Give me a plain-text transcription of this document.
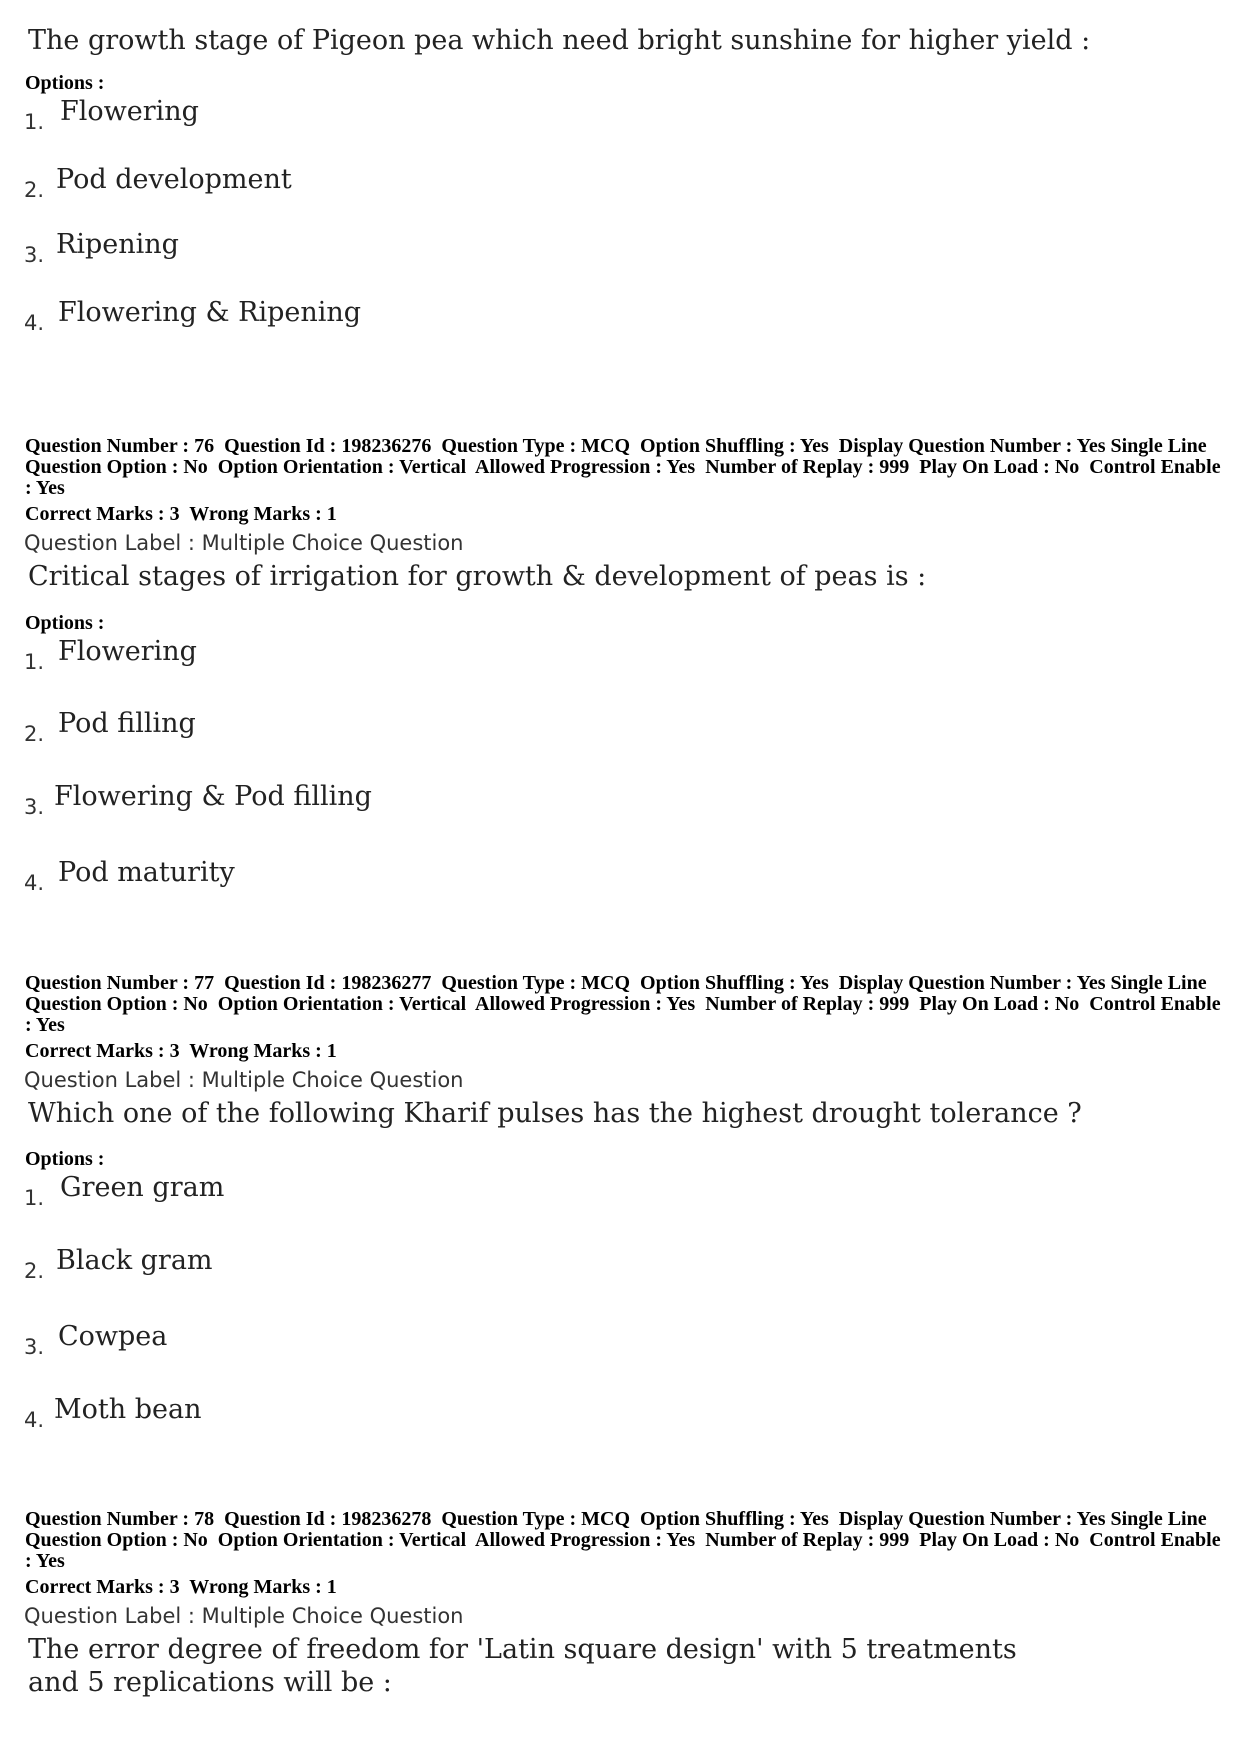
The growth stage of Pigeon pea which need bright sunshine for higher yield :
Options :
1. Flowering
2. Pod development
3. Ripening
4. Flowering & Ripening
Question Number : 76  Question Id : 198236276  Question Type : MCQ  Option Shuffling : Yes  Display Question Number : Yes Single Line Question Option : No  Option Orientation : Vertical  Allowed Progression : Yes  Number of Replay : 999  Play On Load : No  Control Enable : Yes
Correct Marks : 3  Wrong Marks : 1
Question Label : Multiple Choice Question
Critical stages of irrigation for growth & development of peas is :
Options :
1. Flowering
2. Pod filling
3. Flowering & Pod filling
4. Pod maturity
Question Number : 77  Question Id : 198236277  Question Type : MCQ  Option Shuffling : Yes  Display Question Number : Yes Single Line Question Option : No  Option Orientation : Vertical  Allowed Progression : Yes  Number of Replay : 999  Play On Load : No  Control Enable : Yes
Correct Marks : 3  Wrong Marks : 1
Question Label : Multiple Choice Question
Which one of the following Kharif pulses has the highest drought tolerance ?
Options :
1. Green gram
2. Black gram
3. Cowpea
4. Moth bean
Question Number : 78  Question Id : 198236278  Question Type : MCQ  Option Shuffling : Yes  Display Question Number : Yes Single Line Question Option : No  Option Orientation : Vertical  Allowed Progression : Yes  Number of Replay : 999  Play On Load : No  Control Enable : Yes
Correct Marks : 3  Wrong Marks : 1
Question Label : Multiple Choice Question
The error degree of freedom for 'Latin square design' with 5 treatments and 5 replications will be :
